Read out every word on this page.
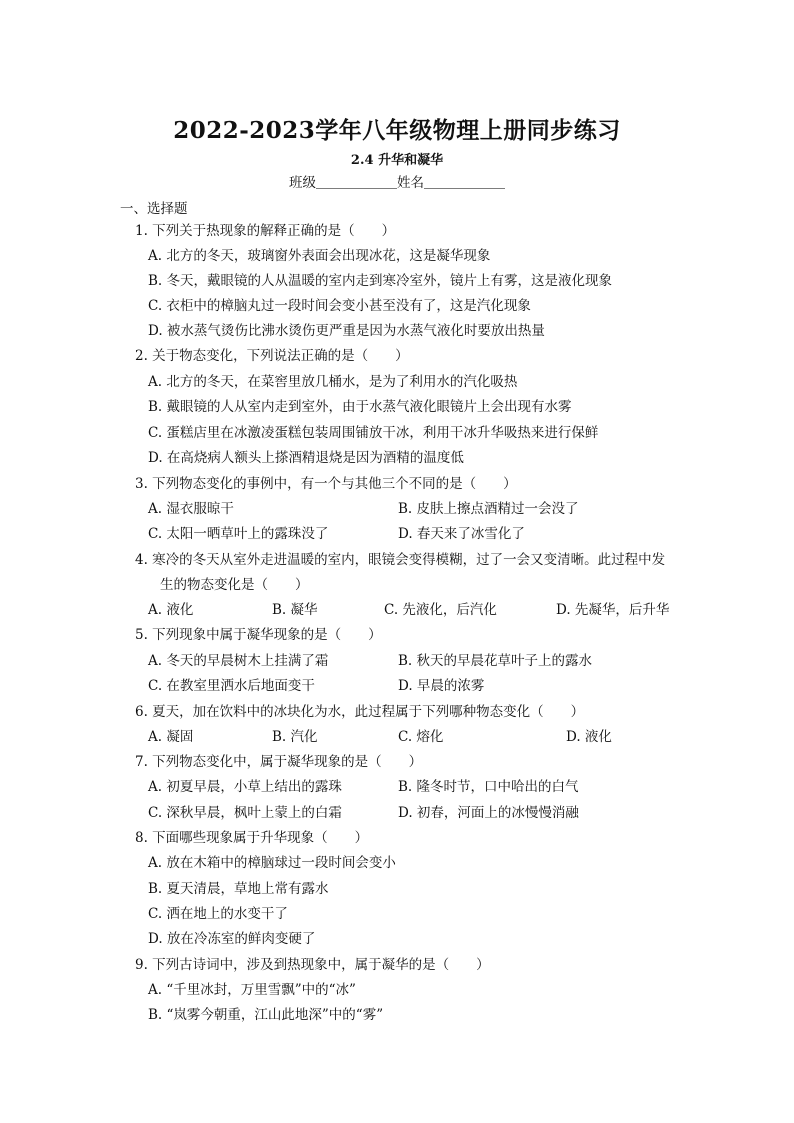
2022-2023学年八年级物理上册同步练习
2.4 升华和凝华
班级＿＿＿＿＿＿姓名＿＿＿＿＿＿
一、选择题
1. 下列关于热现象的解释正确的是（　　）
A. 北方的冬天，玻璃窗外表面会出现冰花，这是凝华现象
B. 冬天，戴眼镜的人从温暖的室内走到寒冷室外，镜片上有雾，这是液化现象
C. 衣柜中的樟脑丸过一段时间会变小甚至没有了，这是汽化现象
D. 被水蒸气烫伤比沸水烫伤更严重是因为水蒸气液化时要放出热量
2. 关于物态变化，下列说法正确的是（　　）
A. 北方的冬天，在菜窖里放几桶水，是为了利用水的汽化吸热
B. 戴眼镜的人从室内走到室外，由于水蒸气液化眼镜片上会出现有水雾
C. 蛋糕店里在冰激凌蛋糕包装周围铺放干冰，利用干冰升华吸热来进行保鲜
D. 在高烧病人额头上搽酒精退烧是因为酒精的温度低
3. 下列物态变化的事例中，有一个与其他三个不同的是（　　）
A. 湿衣服晾干	B. 皮肤上擦点酒精过一会没了
C. 太阳一晒草叶上的露珠没了	D. 春天来了冰雪化了
4. 寒冷的冬天从室外走进温暖的室内，眼镜会变得模糊，过了一会又变清晰。此过程中发
生的物态变化是（　　）
A. 液化	B. 凝华	C. 先液化，后汽化	D. 先凝华，后升华
5. 下列现象中属于凝华现象的是（　　）
A. 冬天的早晨树木上挂满了霜	B. 秋天的早晨花草叶子上的露水
C. 在教室里洒水后地面变干	D. 早晨的浓雾
6. 夏天，加在饮料中的冰块化为水，此过程属于下列哪种物态变化（　　）
A. 凝固	B. 汽化	C. 熔化	D. 液化
7. 下列物态变化中，属于凝华现象的是（　　）
A. 初夏早晨，小草上结出的露珠	B. 隆冬时节，口中哈出的白气
C. 深秋早晨，枫叶上蒙上的白霜	D. 初春，河面上的冰慢慢消融
8. 下面哪些现象属于升华现象（　　）
A. 放在木箱中的樟脑球过一段时间会变小
B. 夏天清晨，草地上常有露水
C. 洒在地上的水变干了
D. 放在冷冻室的鲜肉变硬了
9. 下列古诗词中，涉及到热现象中，属于凝华的是（　　）
A. “千里冰封，万里雪飘”中的“冰”
B. “岚雾今朝重，江山此地深”中的“雾”
